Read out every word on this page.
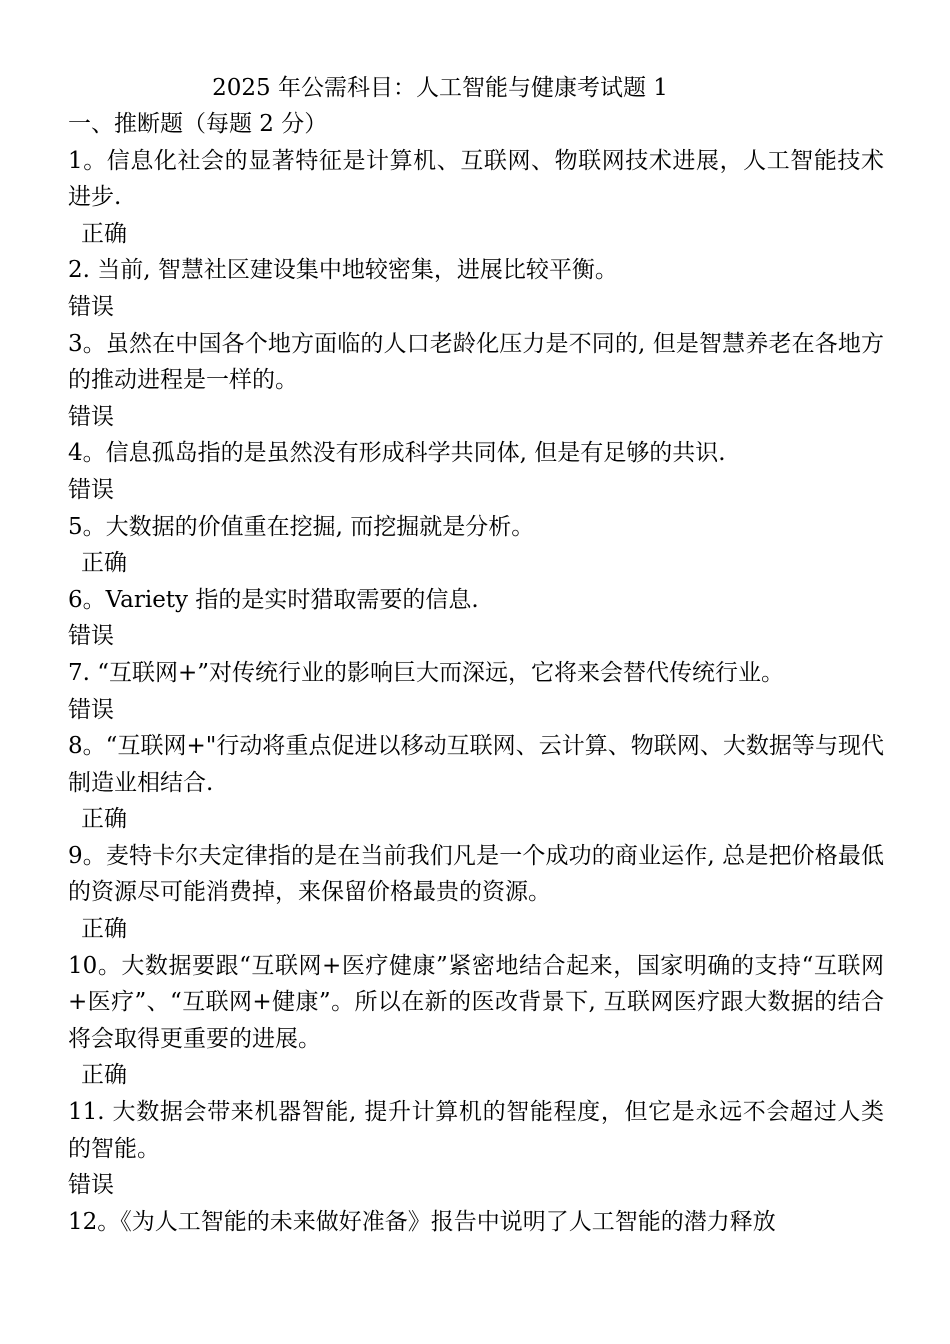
2025 年公需科目：人工智能与健康考试题 1

一、推断题（每题 2 分）

1。信息化社会的显著特征是计算机、互联网、物联网技术进展，人工智能技术进步.

正确

2. 当前, 智慧社区建设集中地较密集，进展比较平衡。

错误

3。虽然在中国各个地方面临的人口老龄化压力是不同的, 但是智慧养老在各地方的推动进程是一样的。

错误

4。信息孤岛指的是虽然没有形成科学共同体, 但是有足够的共识.

错误

5。大数据的价值重在挖掘, 而挖掘就是分析。

正确

6。Variety 指的是实时猎取需要的信息.

错误

7. “互联网+”对传统行业的影响巨大而深远，它将来会替代传统行业。

错误

8。“互联网+"行动将重点促进以移动互联网、云计算、物联网、大数据等与现代制造业相结合.

正确

9。麦特卡尔夫定律指的是在当前我们凡是一个成功的商业运作, 总是把价格最低的资源尽可能消费掉，来保留价格最贵的资源。

正确

10。大数据要跟“互联网+医疗健康”紧密地结合起来，国家明确的支持“互联网+医疗”、“互联网+健康”。所以在新的医改背景下, 互联网医疗跟大数据的结合将会取得更重要的进展。

正确

11. 大数据会带来机器智能, 提升计算机的智能程度，但它是永远不会超过人类的智能。

错误

12。《为人工智能的未来做好准备》报告中说明了人工智能的潜力释放
